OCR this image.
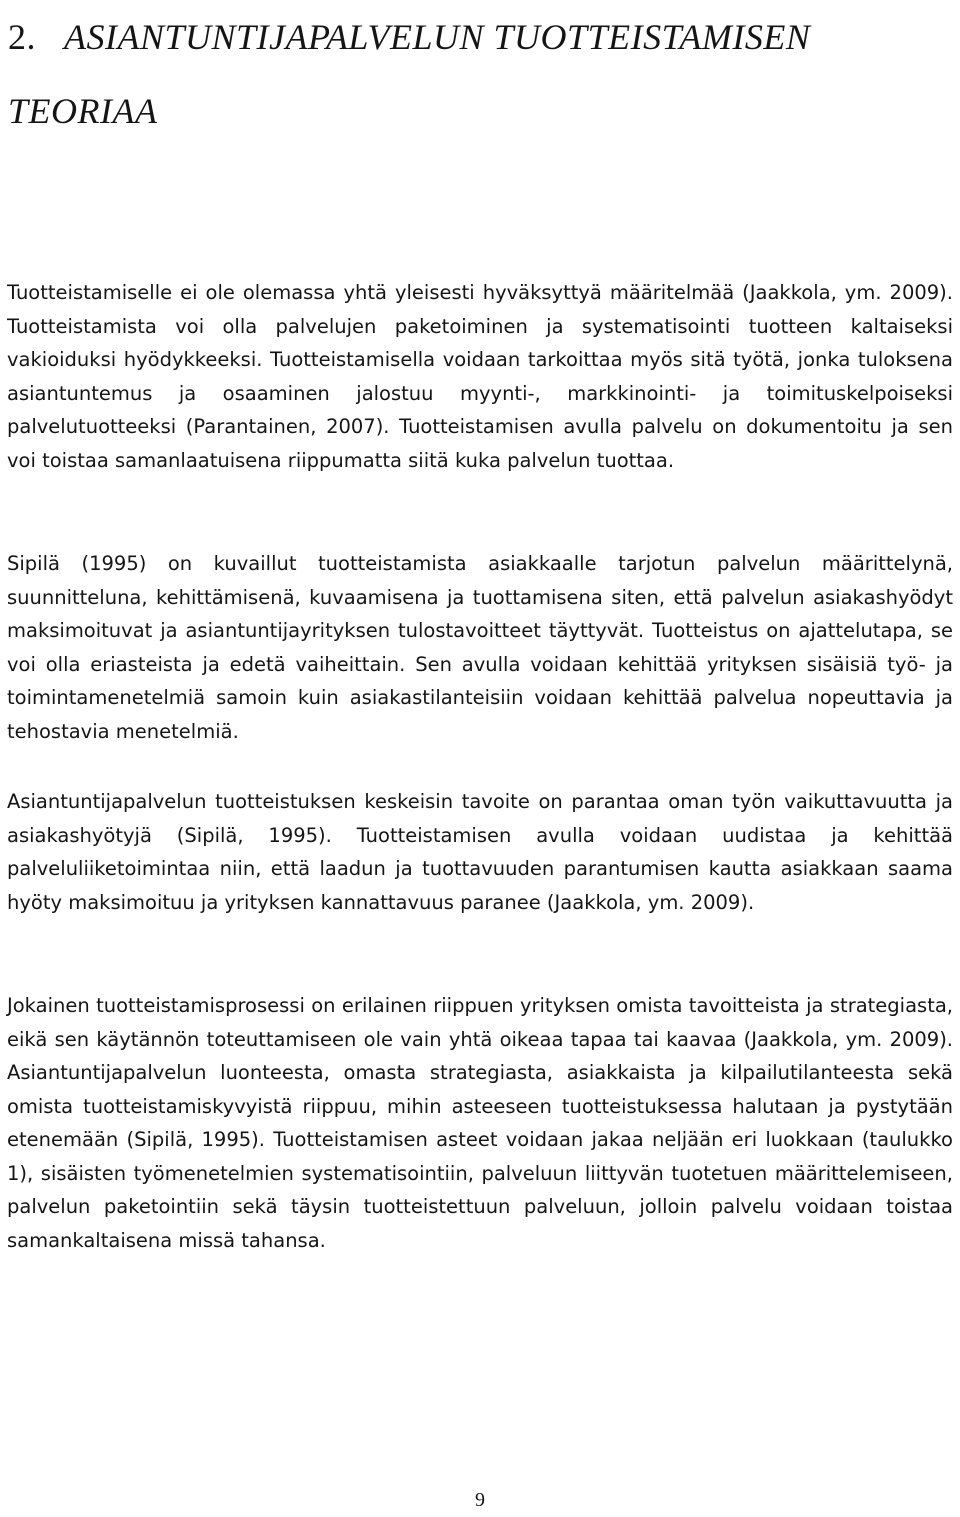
2. ASIANTUNTIJAPALVELUN TUOTTEISTAMISEN TEORIAA

Tuotteistamiselle ei ole olemassa yhtä yleisesti hyväksyttyä määritelmää (Jaakkola, ym. 2009). Tuotteistamista voi olla palvelujen paketoiminen ja systematisointi tuotteen kaltaiseksi vakioiduksi hyödykkeeksi. Tuotteistamisella voidaan tarkoittaa myös sitä työtä, jonka tuloksena asiantuntemus ja osaaminen jalostuu myynti-, markkinointi- ja toimituskelpoiseksi palvelutuotteeksi (Parantainen, 2007). Tuotteistamisen avulla palvelu on dokumentoitu ja sen voi toistaa samanlaatuisena riippumatta siitä kuka palvelun tuottaa.

Sipilä (1995) on kuvaillut tuotteistamista asiakkaalle tarjotun palvelun määrittelynä, suunnitteluna, kehittämisenä, kuvaamisena ja tuottamisena siten, että palvelun asiakashyödyt maksimoituvat ja asiantuntijayrityksen tulostavoitteet täyttyvät. Tuotteistus on ajattelutapa, se voi olla eriasteista ja edetä vaiheittain. Sen avulla voidaan kehittää yrityksen sisäisiä työ- ja toimintamenetelmiä samoin kuin asiakastilanteisiin voidaan kehittää palvelua nopeuttavia ja tehostavia menetelmiä.

Asiantuntijapalvelun tuotteistuksen keskeisin tavoite on parantaa oman työn vaikuttavuutta ja asiakashyötyjä (Sipilä, 1995). Tuotteistamisen avulla voidaan uudistaa ja kehittää palveluliiketoimintaa niin, että laadun ja tuottavuuden parantumisen kautta asiakkaan saama hyöty maksimoituu ja yrityksen kannattavuus paranee (Jaakkola, ym. 2009).

Jokainen tuotteistamisprosessi on erilainen riippuen yrityksen omista tavoitteista ja strategiasta, eikä sen käytännön toteuttamiseen ole vain yhtä oikeaa tapaa tai kaavaa (Jaakkola, ym. 2009). Asiantuntijapalvelun luonteesta, omasta strategiasta, asiakkaista ja kilpailutilanteesta sekä omista tuotteistamiskyvyistä riippuu, mihin asteeseen tuotteistuksessa halutaan ja pystytään etenemään (Sipilä, 1995). Tuotteistamisen asteet voidaan jakaa neljään eri luokkaan (taulukko 1), sisäisten työmenetelmien systematisointiin, palveluun liittyvän tuotetuen määrittelemiseen, palvelun paketointiin sekä täysin tuotteistettuun palveluun, jolloin palvelu voidaan toistaa samankaltaisena missä tahansa.

9
